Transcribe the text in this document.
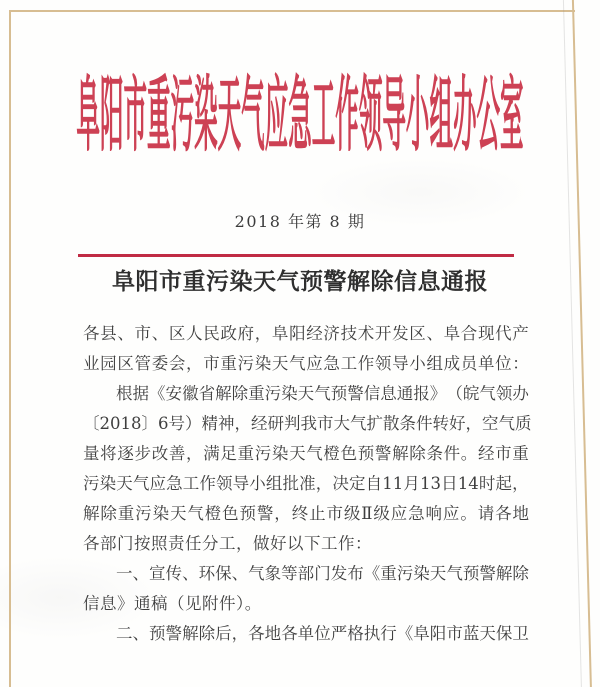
阜阳市重污染天气应急工作领导小组办公室
2018 年第 8 期
阜阳市重污染天气预警解除信息通报
各 县 、 市 、 区 人 民 政 府 ， 阜 阳 经 济 技 术 开 发 区 、 阜 合 现 代 产
业 园 区 管 委 会 ， 市 重 污 染 天 气 应 急 工 作 领 导 小 组 成 员 单 位 ：
根 据 《 安 徽 省 解 除 重 污 染 天 气 预 警 信 息 通 报 》 （ 皖 气 领 办
〔 2018 〕 6 号 ） 精 神 ， 经 研 判 我 市 大 气 扩 散 条 件 转 好 ， 空 气 质
量 将 逐 步 改 善 ， 满 足 重 污 染 天 气 橙 色 预 警 解 除 条 件 。 经 市 重
污 染 天 气 应 急 工 作 领 导 小 组 批 准 ， 决 定 自 11 月 13 日 14 时 起 ，
解 除 重 污 染 天 气 橙 色 预 警 ， 终 止 市 级 Ⅱ 级 应 急 响 应 。 请 各 地
各部门按照责任分工，做好以下工作：
一 、 宣 传 、 环 保 、 气 象 等 部 门 发 布 《 重 污 染 天 气 预 警 解 除
信息》通稿（见附件）。
二 、 预 警 解 除 后 ， 各 地 各 单 位 严 格 执 行 《 阜 阳 市 蓝 天 保 卫
